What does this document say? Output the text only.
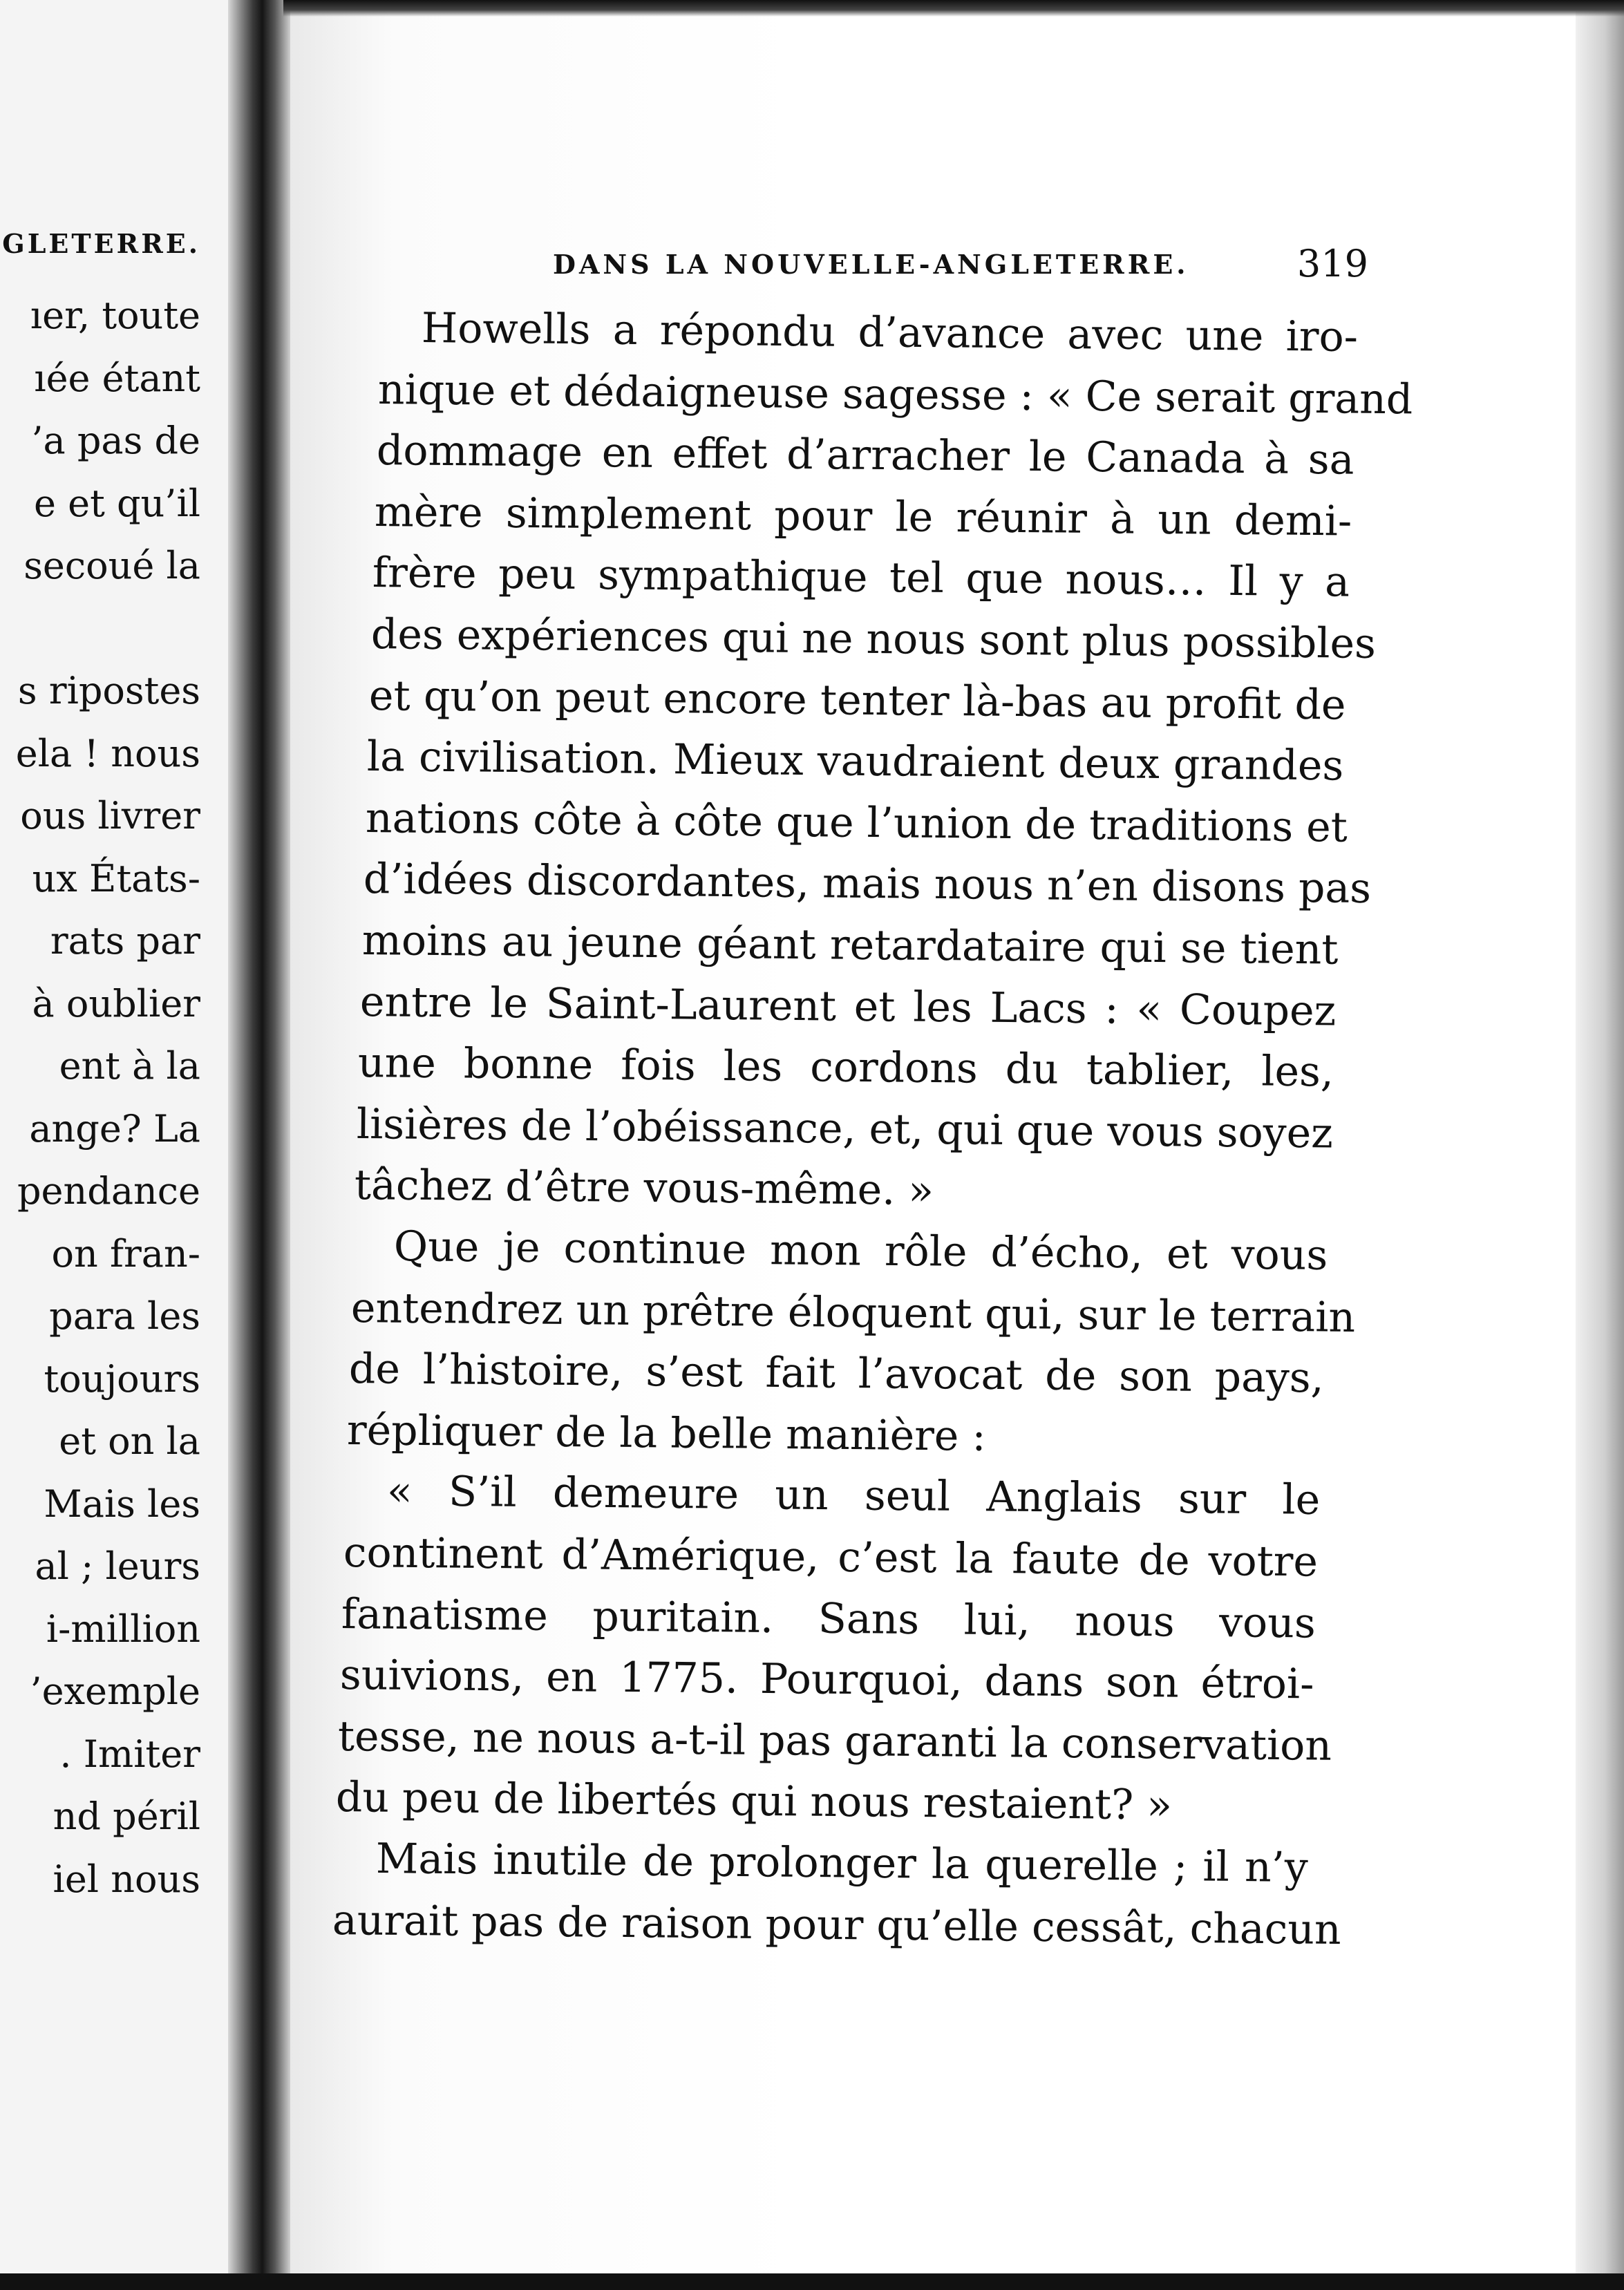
GLETERRE.
ıer, toute
ıée étant
’a pas de
e et qu’il
secoué la
s ripostes
ela ! nous
ous livrer
ux États-
rats par
à oublier
ent à la
ange? La
pendance
on fran-
para les
toujours
et on la
Mais les
al ; leurs
i-million
’exemple
. Imiter
nd péril
iel nous
DANS LA NOUVELLE-ANGLETERRE.	319
Howells a répondu d’avance avec une iro-
nique et dédaigneuse sagesse : « Ce serait grand
dommage en effet d’arracher le Canada à sa
mère simplement pour le réunir à un demi-
frère peu sympathique tel que nous… Il y a
des expériences qui ne nous sont plus possibles
et qu’on peut encore tenter là-bas au profit de
la civilisation. Mieux vaudraient deux grandes
nations côte à côte que l’union de traditions et
d’idées discordantes, mais nous n’en disons pas
moins au jeune géant retardataire qui se tient
entre le Saint-Laurent et les Lacs : « Coupez
une bonne fois les cordons du tablier, les,
lisières de l’obéissance, et, qui que vous soyez
tâchez d’être vous-même. »
Que je continue mon rôle d’écho, et vous
entendrez un prêtre éloquent qui, sur le terrain
de l’histoire, s’est fait l’avocat de son pays,
répliquer de la belle manière :
« S’il demeure un seul Anglais sur le
continent d’Amérique, c’est la faute de votre
fanatisme puritain. Sans lui, nous vous
suivions, en 1775. Pourquoi, dans son étroi-
tesse, ne nous a-t-il pas garanti la conservation
du peu de libertés qui nous restaient? »
Mais inutile de prolonger la querelle ; il n’y
aurait pas de raison pour qu’elle cessât, chacun
